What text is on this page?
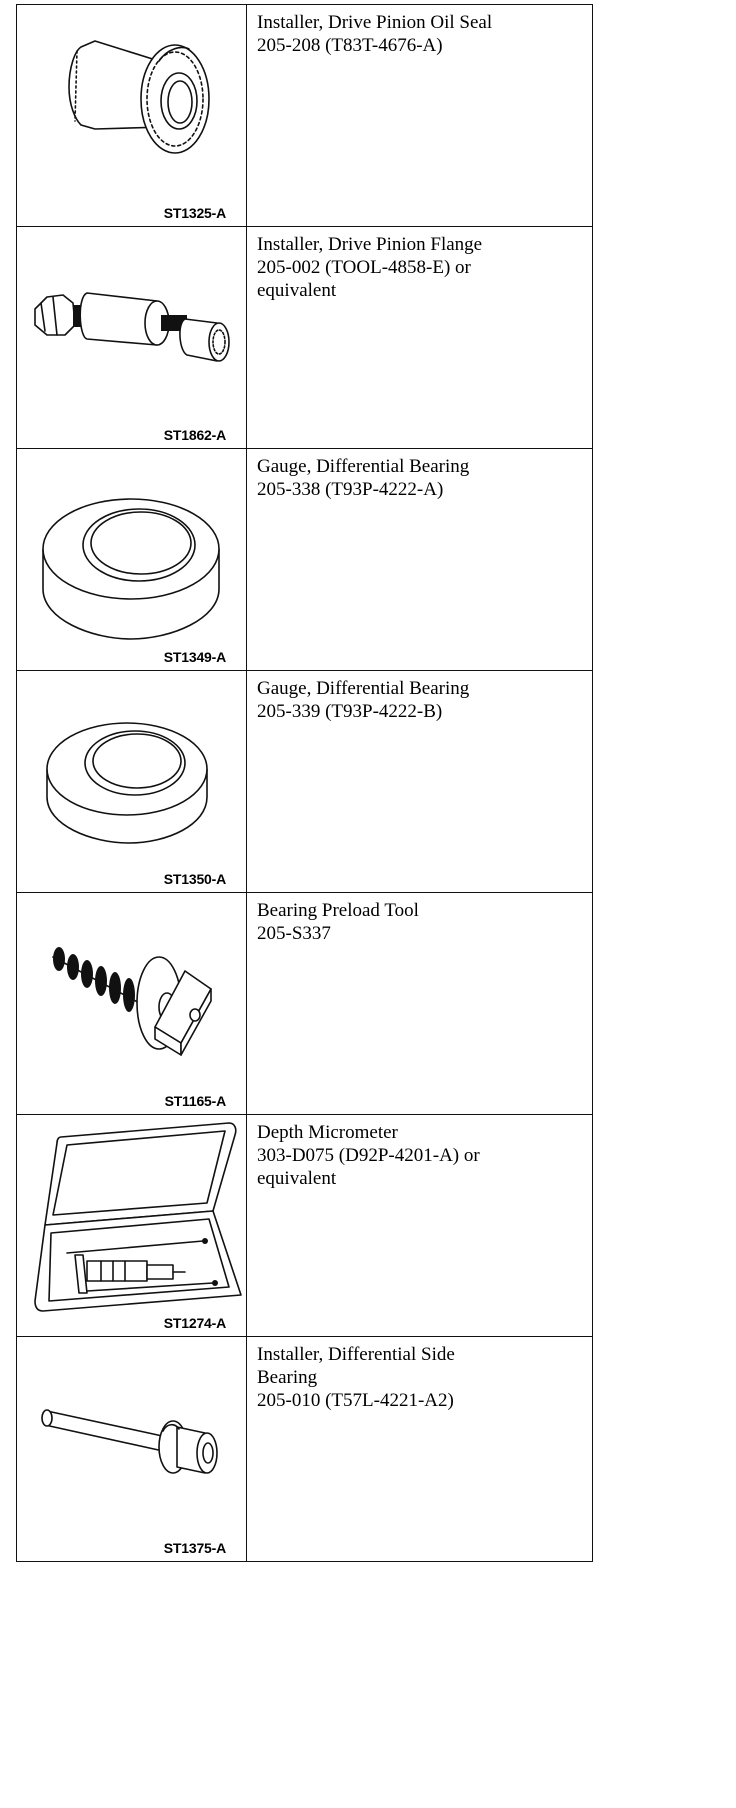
ST1325-A	Installer, Drive Pinion Oil Seal
205-208 (T83T-4676-A)

ST1862-A	Installer, Drive Pinion Flange
205-002 (TOOL-4858-E) or
equivalent

ST1349-A	Gauge, Differential Bearing
205-338 (T93P-4222-A)

ST1350-A	Gauge, Differential Bearing
205-339 (T93P-4222-B)

ST1165-A	Bearing Preload Tool
205-S337

ST1274-A	Depth Micrometer
303-D075 (D92P-4201-A) or
equivalent

ST1375-A	Installer, Differential Side
Bearing
205-010 (T57L-4221-A2)
